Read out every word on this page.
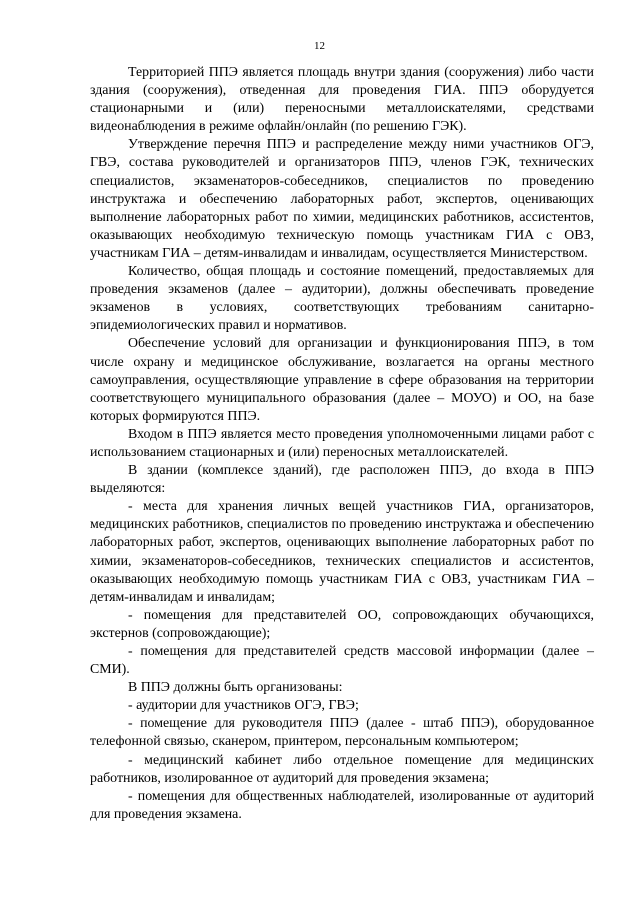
12

Территорией ППЭ является площадь внутри здания (сооружения) либо части здания (сооружения), отведенная для проведения ГИА. ППЭ оборудуется стационарными и (или) переносными металлоискателями, средствами видеонаблюдения в режиме офлайн/онлайн (по решению ГЭК).

Утверждение перечня ППЭ и распределение между ними участников ОГЭ, ГВЭ, состава руководителей и организаторов ППЭ, членов ГЭК, технических специалистов, экзаменаторов-собеседников, специалистов по проведению инструктажа и обеспечению лабораторных работ, экспертов, оценивающих выполнение лабораторных работ по химии, медицинских работников, ассистентов, оказывающих необходимую техническую помощь участникам ГИА с ОВЗ, участникам ГИА – детям-инвалидам и инвалидам, осуществляется Министерством.

Количество, общая площадь и состояние помещений, предоставляемых для проведения экзаменов (далее – аудитории), должны обеспечивать проведение экзаменов в условиях, соответствующих требованиям санитарно-эпидемиологических правил и нормативов.

Обеспечение условий для организации и функционирования ППЭ, в том числе охрану и медицинское обслуживание, возлагается на органы местного самоуправления, осуществляющие управление в сфере образования на территории соответствующего муниципального образования (далее – МОУО) и ОО, на базе которых формируются ППЭ.

Входом в ППЭ является место проведения уполномоченными лицами работ с использованием стационарных и (или) переносных металлоискателей.

В здании (комплексе зданий), где расположен ППЭ, до входа в ППЭ выделяются:

- места для хранения личных вещей участников ГИА, организаторов, медицинских работников, специалистов по проведению инструктажа и обеспечению лабораторных работ, экспертов, оценивающих выполнение лабораторных работ по химии, экзаменаторов-собеседников, технических специалистов и ассистентов, оказывающих необходимую помощь участникам ГИА с ОВЗ, участникам ГИА – детям-инвалидам и инвалидам;

- помещения для представителей ОО, сопровождающих обучающихся, экстернов (сопровождающие);

- помещения для представителей средств массовой информации (далее – СМИ).

В ППЭ должны быть организованы:

- аудитории для участников ОГЭ, ГВЭ;

- помещение для руководителя ППЭ (далее - штаб ППЭ), оборудованное телефонной связью, сканером, принтером, персональным компьютером;

- медицинский кабинет либо отдельное помещение для медицинских работников, изолированное от аудиторий для проведения экзамена;

- помещения для общественных наблюдателей, изолированные от аудиторий для проведения экзамена.
